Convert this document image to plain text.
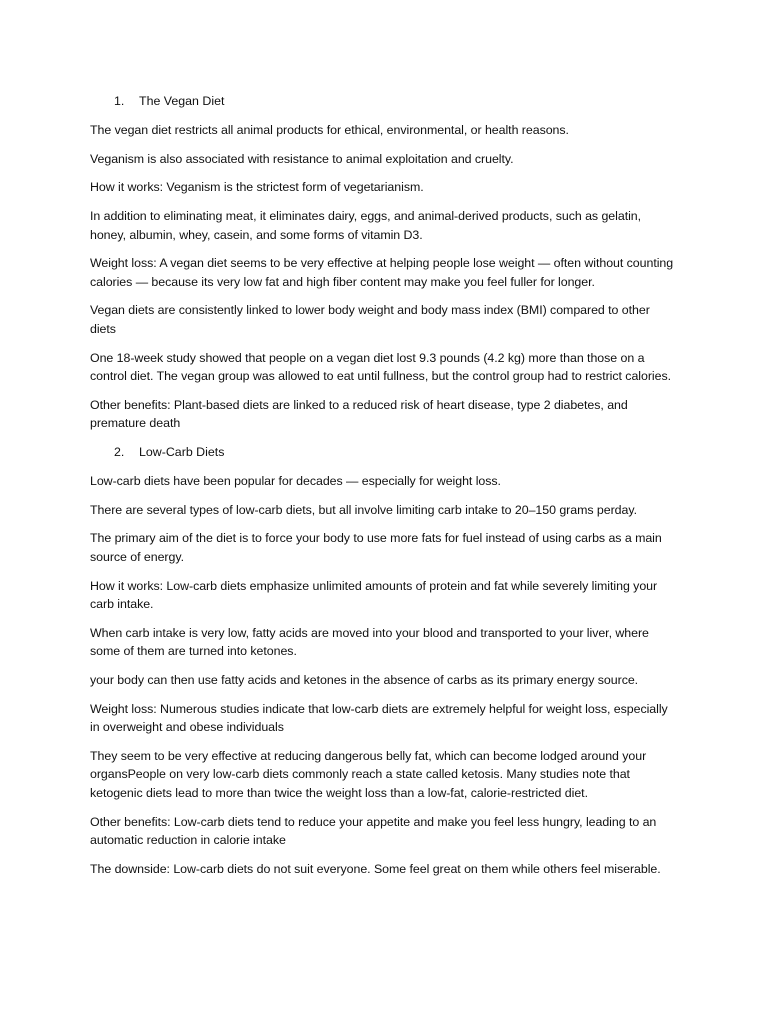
1.	The Vegan Diet

The vegan diet restricts all animal products for ethical, environmental, or health reasons.

Veganism is also associated with resistance to animal exploitation and cruelty.

How it works: Veganism is the strictest form of vegetarianism.

In addition to eliminating meat, it eliminates dairy, eggs, and animal-derived products, such as gelatin, honey, albumin, whey, casein, and some forms of vitamin D3.

Weight loss: A vegan diet seems to be very effective at helping people lose weight — often without counting calories — because its very low fat and high fiber content may make you feel fuller for longer.

Vegan diets are consistently linked to lower body weight and body mass index (BMI) compared to other diets

One 18-week study showed that people on a vegan diet lost 9.3 pounds (4.2 kg) more than those on a control diet. The vegan group was allowed to eat until fullness, but the control group had to restrict calories.

Other benefits: Plant-based diets are linked to a reduced risk of heart disease, type 2 diabetes, and premature death

2.	Low-Carb Diets

Low-carb diets have been popular for decades — especially for weight loss.

There are several types of low-carb diets, but all involve limiting carb intake to 20–150 grams perday.

The primary aim of the diet is to force your body to use more fats for fuel instead of using carbs as a main source of energy.

How it works: Low-carb diets emphasize unlimited amounts of protein and fat while severely limiting your carb intake.

When carb intake is very low, fatty acids are moved into your blood and transported to your liver, where some of them are turned into ketones.

your body can then use fatty acids and ketones in the absence of carbs as its primary energy source.

Weight loss: Numerous studies indicate that low-carb diets are extremely helpful for weight loss, especially in overweight and obese individuals

They seem to be very effective at reducing dangerous belly fat, which can become lodged around your organsPeople on very low-carb diets commonly reach a state called ketosis. Many studies note that ketogenic diets lead to more than twice the weight loss than a low-fat, calorie-restricted diet.

Other benefits: Low-carb diets tend to reduce your appetite and make you feel less hungry, leading to an automatic reduction in calorie intake

The downside: Low-carb diets do not suit everyone. Some feel great on them while others feel miserable.
